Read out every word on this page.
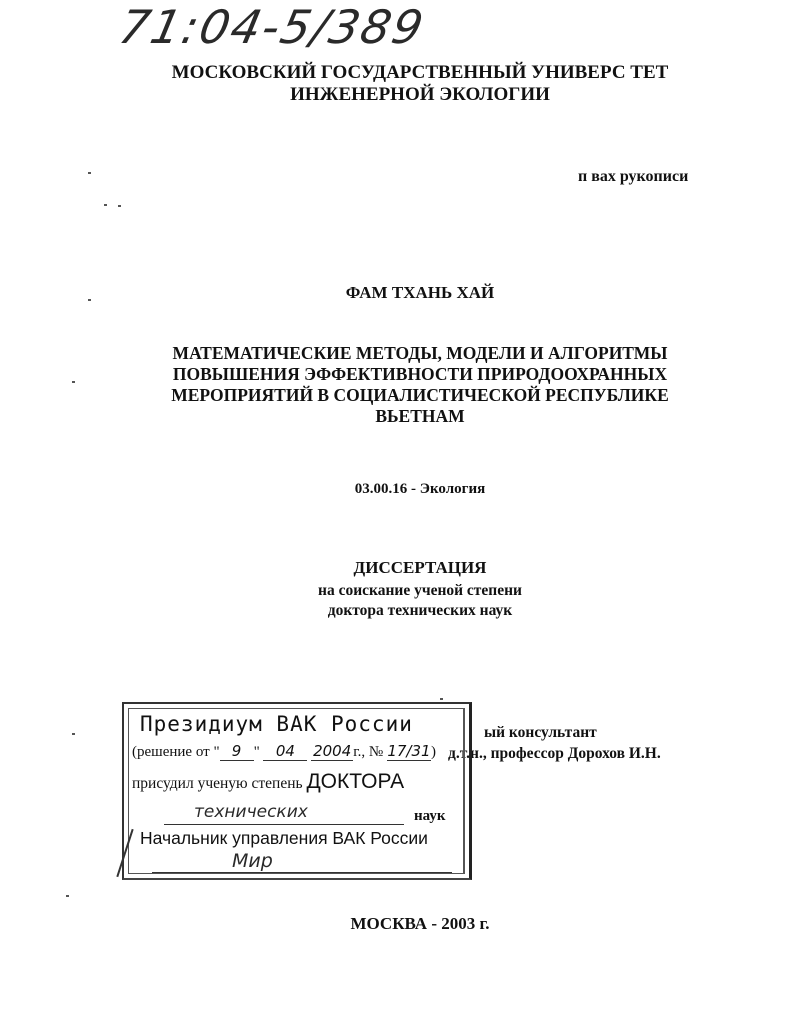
71:04-5/389
МОСКОВСКИЙ ГОСУДАРСТВЕННЫЙ УНИВЕРС ТЕТ
ИНЖЕНЕРНОЙ ЭКОЛОГИИ
п вах рукописи
ФАМ ТХАНЬ ХАЙ
МАТЕМАТИЧЕСКИЕ МЕТОДЫ, МОДЕЛИ И АЛГОРИТМЫ
ПОВЫШЕНИЯ ЭФФЕКТИВНОСТИ ПРИРОДООХРАННЫХ
МЕРОПРИЯТИЙ В СОЦИАЛИСТИЧЕСКОЙ РЕСПУБЛИКЕ
ВЬЕТНАМ
03.00.16 - Экология
ДИССЕРТАЦИЯ
на соискание ученой степени
доктора технических наук
ый консультант
д.т.н., профессор Дорохов И.Н.
Президиум ВАК России
(решение от " 9 " 04 2004 г., № 17/31)
присудил ученую степень ДОКТОРА
технических	наук
Начальник управления ВАК России
Мир
МОСКВА - 2003 г.
